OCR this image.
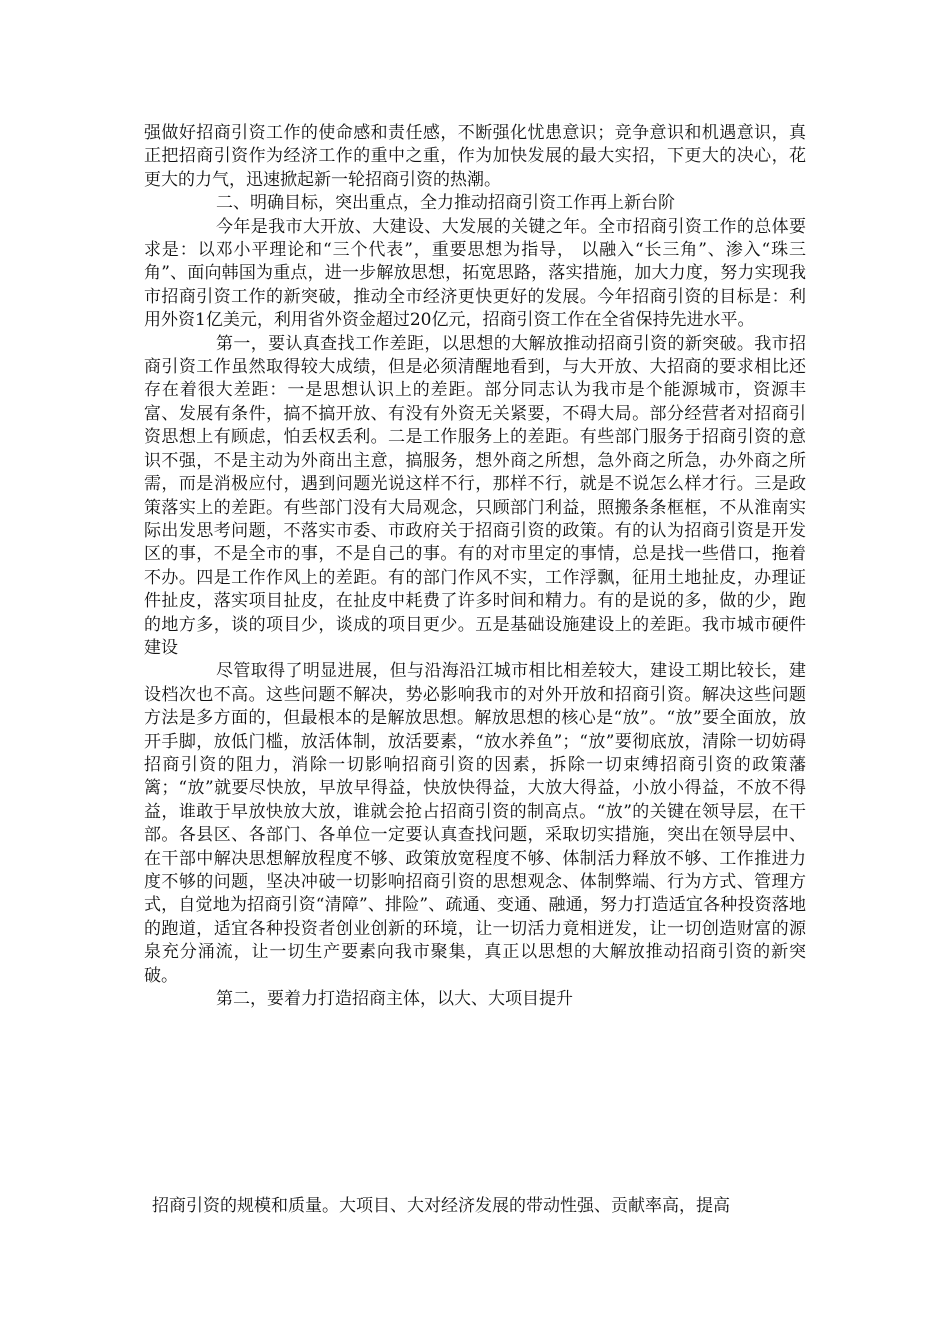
强做好招商引资工作的使命感和责任感，不断强化忧患意识；竞争意识和机遇意识，真正把招商引资作为经济工作的重中之重，作为加快发展的最大实招，下更大的决心，花更大的力气，迅速掀起新一轮招商引资的热潮。

二、明确目标，突出重点，全力推动招商引资工作再上新台阶

今年是我市大开放、大建设、大发展的关键之年。全市招商引资工作的总体要求是：以邓小平理论和“三个代表”，重要思想为指导， 以融入“长三角”、渗入“珠三角”、面向韩国为重点，进一步解放思想，拓宽思路，落实措施，加大力度，努力实现我市招商引资工作的新突破，推动全市经济更快更好的发展。今年招商引资的目标是：利用外资1亿美元，利用省外资金超过20亿元，招商引资工作在全省保持先进水平。

第一，要认真查找工作差距，以思想的大解放推动招商引资的新突破。我市招商引资工作虽然取得较大成绩，但是必须清醒地看到，与大开放、大招商的要求相比还存在着很大差距：一是思想认识上的差距。部分同志认为我市是个能源城市，资源丰富、发展有条件，搞不搞开放、有没有外资无关紧要，不碍大局。部分经营者对招商引资思想上有顾虑，怕丢权丢利。二是工作服务上的差距。有些部门服务于招商引资的意识不强，不是主动为外商出主意，搞服务，想外商之所想，急外商之所急，办外商之所需，而是消极应付，遇到问题光说这样不行，那样不行，就是不说怎么样才行。三是政策落实上的差距。有些部门没有大局观念，只顾部门利益，照搬条条框框，不从淮南实际出发思考问题，不落实市委、市政府关于招商引资的政策。有的认为招商引资是开发区的事，不是全市的事，不是自己的事。有的对市里定的事情，总是找一些借口，拖着不办。四是工作作风上的差距。有的部门作风不实，工作浮飘，征用土地扯皮，办理证件扯皮，落实项目扯皮，在扯皮中耗费了许多时间和精力。有的是说的多，做的少，跑的地方多，谈的项目少，谈成的项目更少。五是基础设施建设上的差距。我市城市硬件建设

尽管取得了明显进展，但与沿海沿江城市相比相差较大，建设工期比较长，建设档次也不高。这些问题不解决，势必影响我市的对外开放和招商引资。解决这些问题方法是多方面的，但最根本的是解放思想。解放思想的核心是“放”。“放”要全面放，放开手脚，放低门槛，放活体制，放活要素，“放水养鱼”；“放”要彻底放，清除一切妨碍招商引资的阻力，消除一切影响招商引资的因素，拆除一切束缚招商引资的政策藩篱；“放”就要尽快放，早放早得益，快放快得益，大放大得益，小放小得益，不放不得益，谁敢于早放快放大放，谁就会抢占招商引资的制高点。“放”的关键在领导层，在干部。各县区、各部门、各单位一定要认真查找问题，采取切实措施，突出在领导层中、在干部中解决思想解放程度不够、政策放宽程度不够、体制活力释放不够、工作推进力度不够的问题，坚决冲破一切影响招商引资的思想观念、体制弊端、行为方式、管理方式，自觉地为招商引资“清障”、排险”、疏通、变通、融通，努力打造适宜各种投资落地的跑道，适宜各种投资者创业创新的环境，让一切活力竟相迸发，让一切创造财富的源泉充分涌流，让一切生产要素向我市聚集，真正以思想的大解放推动招商引资的新突破。

第二，要着力打造招商主体，以大、大项目提升

招商引资的规模和质量。大项目、大对经济发展的带动性强、贡献率高，提高
